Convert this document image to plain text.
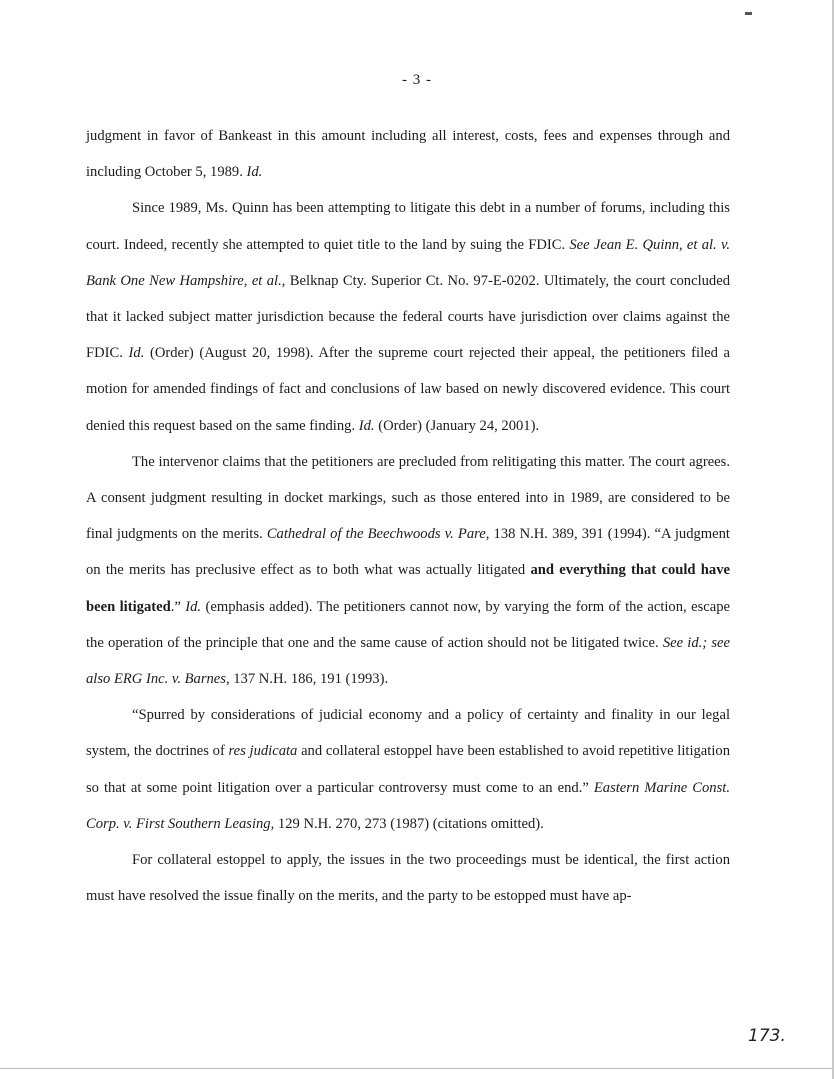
- 3 -

judgment in favor of Bankeast in this amount including all interest, costs, fees and expenses through and including October 5, 1989. Id.

Since 1989, Ms. Quinn has been attempting to litigate this debt in a number of forums, including this court. Indeed, recently she attempted to quiet title to the land by suing the FDIC. See Jean E. Quinn, et al. v. Bank One New Hampshire, et al., Belknap Cty. Superior Ct. No. 97-E-0202. Ultimately, the court concluded that it lacked subject matter jurisdiction because the federal courts have jurisdiction over claims against the FDIC. Id. (Order) (August 20, 1998). After the supreme court rejected their appeal, the petitioners filed a motion for amended findings of fact and conclusions of law based on newly discovered evidence. This court denied this request based on the same finding. Id. (Order) (January 24, 2001).

The intervenor claims that the petitioners are precluded from relitigating this matter. The court agrees. A consent judgment resulting in docket markings, such as those entered into in 1989, are considered to be final judgments on the merits. Cathedral of the Beechwoods v. Pare, 138 N.H. 389, 391 (1994). “A judgment on the merits has preclusive effect as to both what was actually litigated and everything that could have been litigated.” Id. (emphasis added). The petitioners cannot now, by varying the form of the action, escape the operation of the principle that one and the same cause of action should not be litigated twice. See id.; see also ERG Inc. v. Barnes, 137 N.H. 186, 191 (1993).

“Spurred by considerations of judicial economy and a policy of certainty and finality in our legal system, the doctrines of res judicata and collateral estoppel have been established to avoid repetitive litigation so that at some point litigation over a particular controversy must come to an end.” Eastern Marine Const. Corp. v. First Southern Leasing, 129 N.H. 270, 273 (1987) (citations omitted).

For collateral estoppel to apply, the issues in the two proceedings must be identical, the first action must have resolved the issue finally on the merits, and the party to be estopped must have ap-

173.
